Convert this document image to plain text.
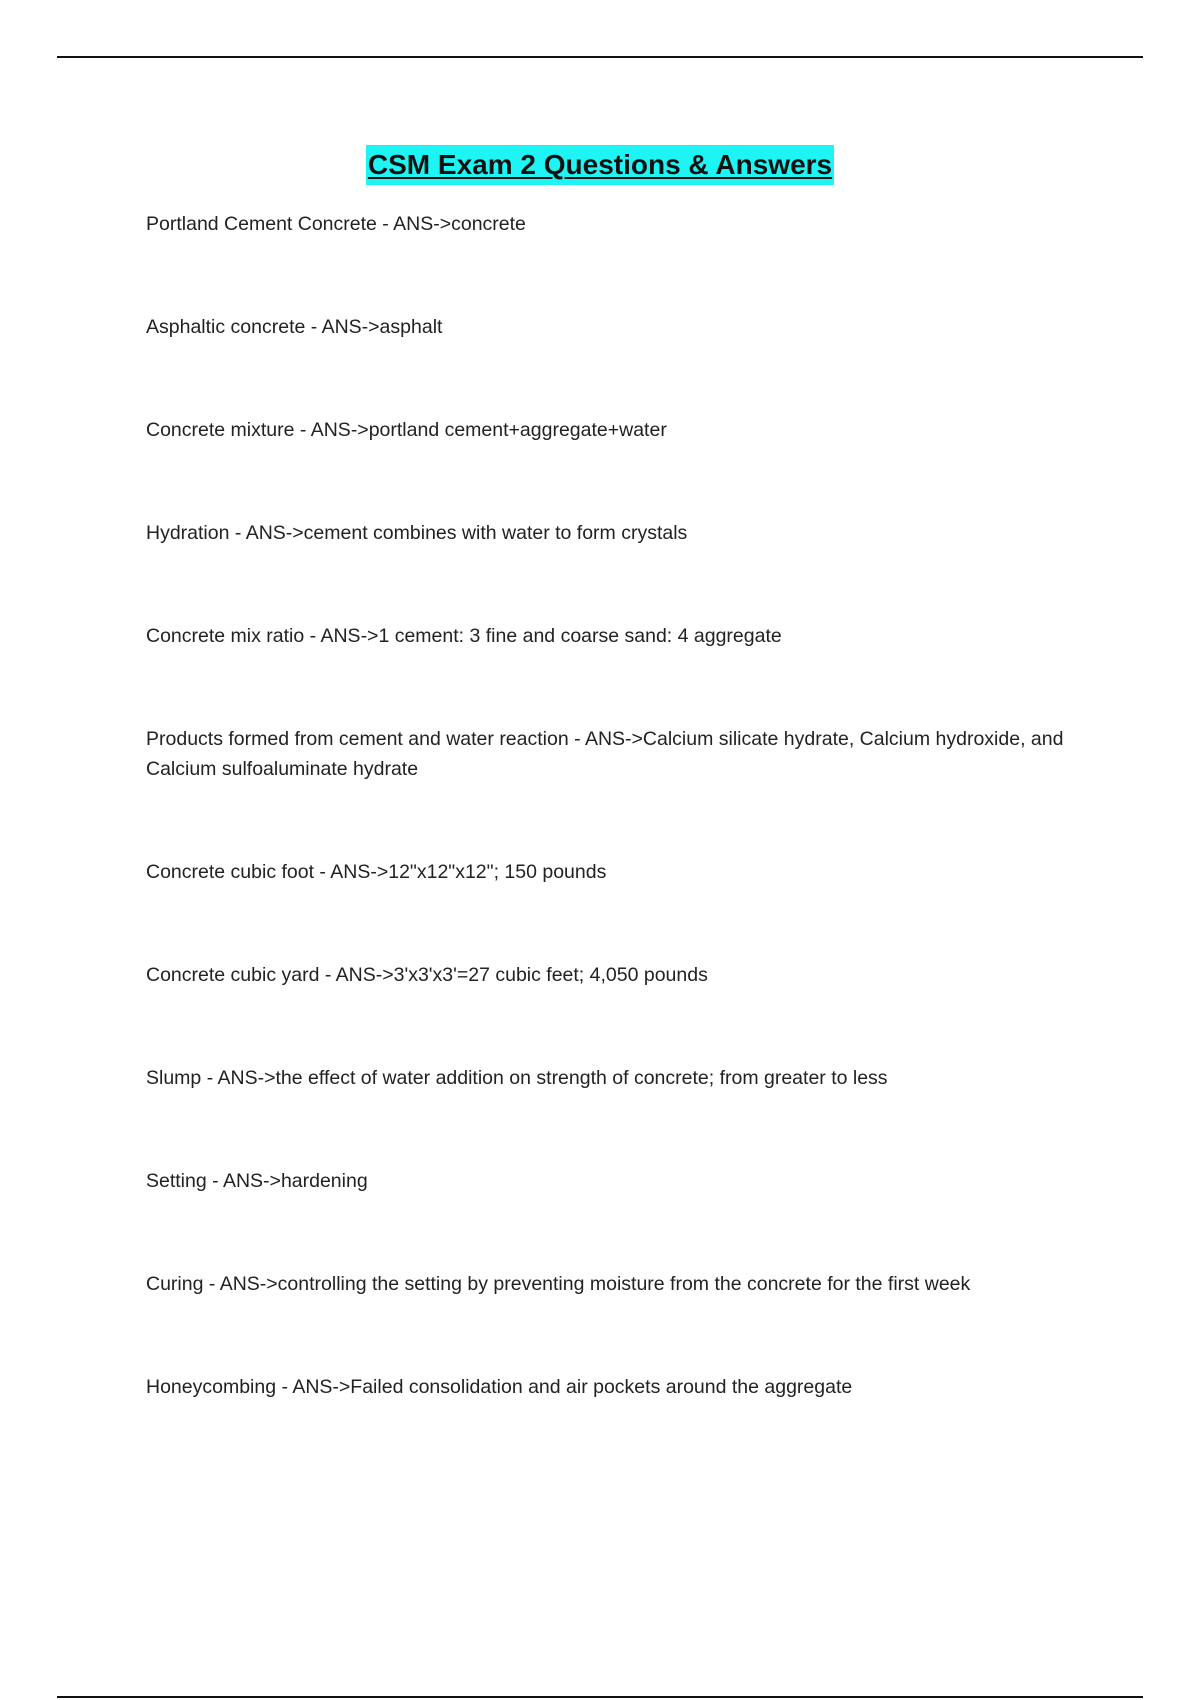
CSM Exam 2 Questions & Answers
Portland Cement Concrete - ANS->concrete
Asphaltic concrete - ANS->asphalt
Concrete mixture - ANS->portland cement+aggregate+water
Hydration - ANS->cement combines with water to form crystals
Concrete mix ratio - ANS->1 cement: 3 fine and coarse sand: 4 aggregate
Products formed from cement and water reaction - ANS->Calcium silicate hydrate, Calcium hydroxide, and Calcium sulfoaluminate hydrate
Concrete cubic foot - ANS->12"x12"x12"; 150 pounds
Concrete cubic yard - ANS->3'x3'x3'=27 cubic feet; 4,050 pounds
Slump - ANS->the effect of water addition on strength of concrete; from greater to less
Setting - ANS->hardening
Curing - ANS->controlling the setting by preventing moisture from the concrete for the first week
Honeycombing - ANS->Failed consolidation and air pockets around the aggregate
